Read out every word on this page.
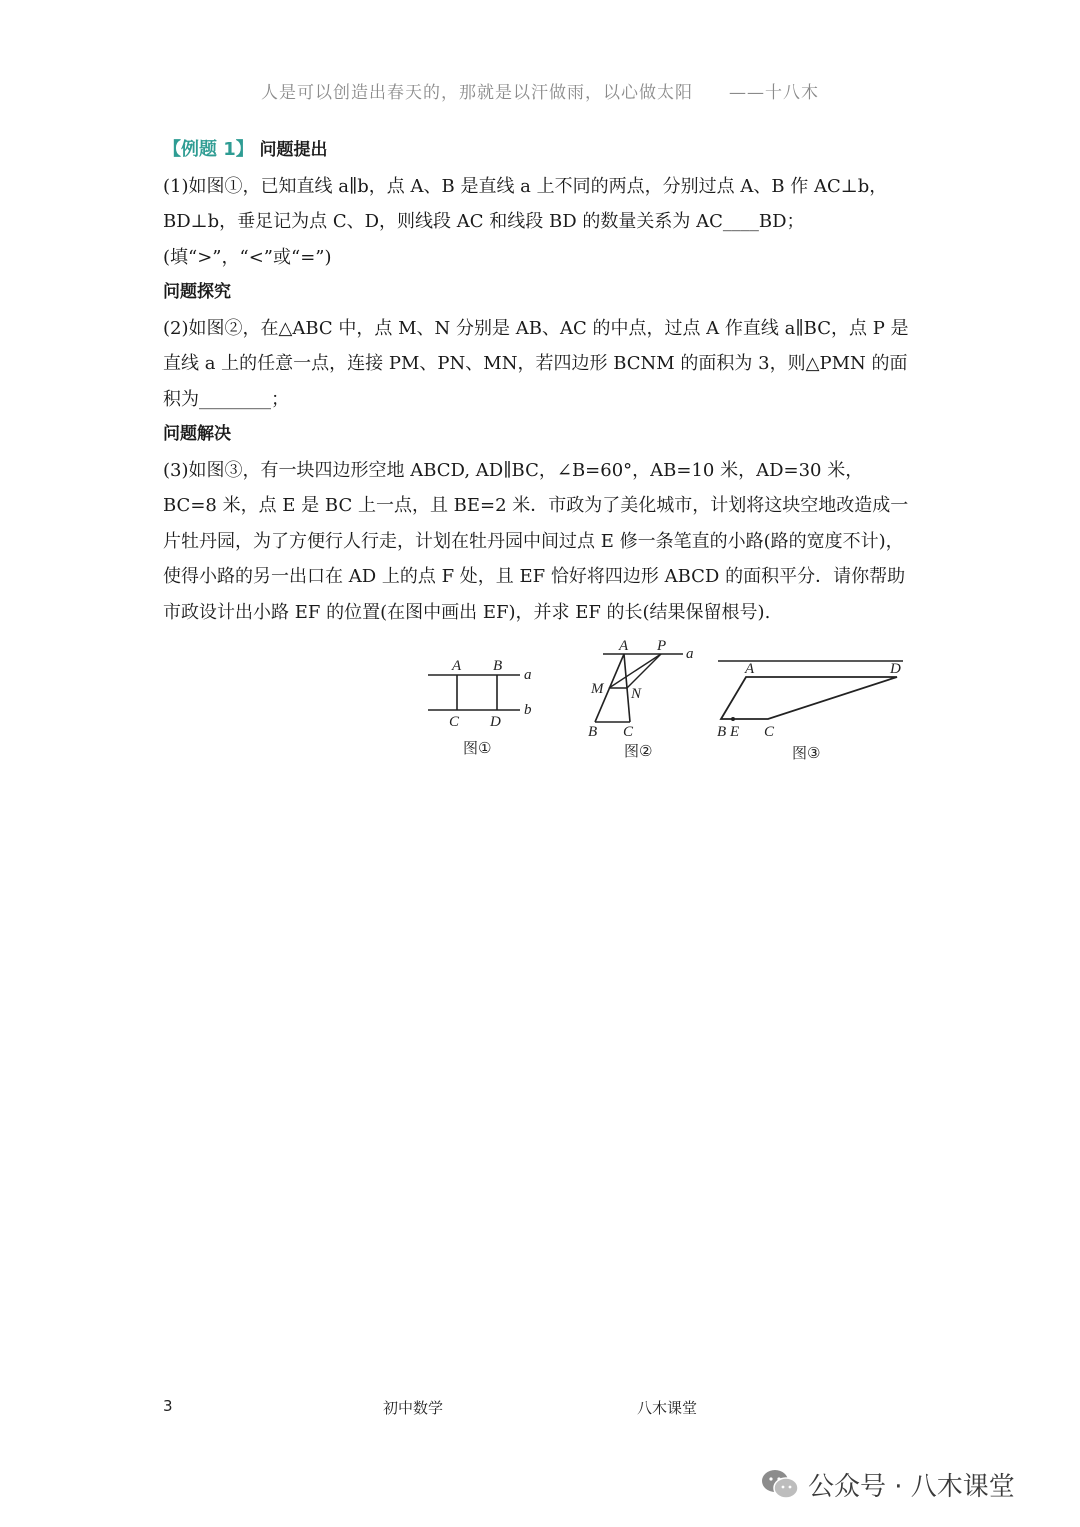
人是可以创造出春天的，那就是以汗做雨，以心做太阳 ——十八木

【例题 1】 问题提出

(1)如图①，已知直线 a∥b，点 A、B 是直线 a 上不同的两点，分别过点 A、B 作 AC⊥b，BD⊥b，垂足记为点 C、D，则线段 AC 和线段 BD 的数量关系为 AC____BD；(填“>”，“<”或“=”)

问题探究

(2)如图②，在△ABC 中，点 M、N 分别是 AB、AC 的中点，过点 A 作直线 a∥BC，点 P 是直线 a 上的任意一点，连接 PM、PN、MN，若四边形 BCNM 的面积为 3，则△PMN 的面积为________；

问题解决

(3)如图③，有一块四边形空地 ABCD, AD∥BC，∠B=60°，AB=10 米，AD=30 米，BC=8 米，点 E 是 BC 上一点，且 BE=2 米．市政为了美化城市，计划将这块空地改造成一片牡丹园，为了方便行人行走，计划在牡丹园中间过点 E 修一条笔直的小路(路的宽度不计)，使得小路的另一出口在 AD 上的点 F 处，且 EF 恰好将四边形 ABCD 的面积平分．请你帮助市政设计出小路 EF 的位置(在图中画出 EF)，并求 EF 的长(结果保留根号).

A B
a
b
C D
A P a
M N
B C
A	D
B E C
图①	图②	图③
3	初中数学	八木课堂
公众号 · 八木课堂
